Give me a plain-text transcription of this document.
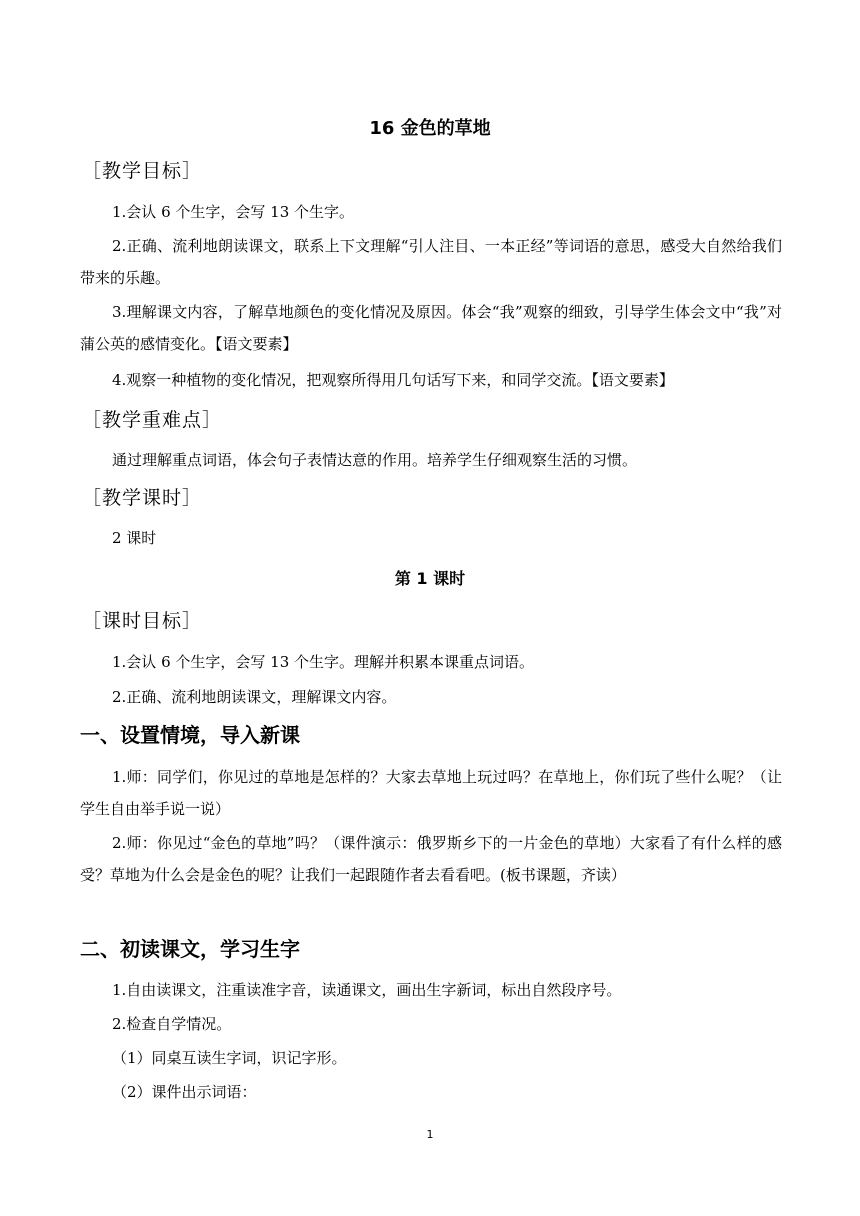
16 金色的草地
［教学目标］
1.会认 6 个生字，会写 13 个生字。
2.正确、流利地朗读课文，联系上下文理解“引人注目、一本正经”等词语的意思，感受大自然给我们带来的乐趣。
3.理解课文内容，了解草地颜色的变化情况及原因。体会“我”观察的细致，引导学生体会文中“我”对蒲公英的感情变化。【语文要素】
4.观察一种植物的变化情况，把观察所得用几句话写下来，和同学交流。【语文要素】
［教学重难点］
通过理解重点词语，体会句子表情达意的作用。培养学生仔细观察生活的习惯。
［教学课时］
2 课时
第 1 课时
［课时目标］
1.会认 6 个生字，会写 13 个生字。理解并积累本课重点词语。
2.正确、流利地朗读课文，理解课文内容。
一、设置情境，导入新课
1.师：同学们，你见过的草地是怎样的？大家去草地上玩过吗？在草地上，你们玩了些什么呢？（让学生自由举手说一说）
2.师：你见过“金色的草地”吗？（课件演示：俄罗斯乡下的一片金色的草地）大家看了有什么样的感受？草地为什么会是金色的呢？让我们一起跟随作者去看看吧。(板书课题，齐读）
二、初读课文，学习生字
1.自由读课文，注重读准字音，读通课文，画出生字新词，标出自然段序号。
2.检查自学情况。
（1）同桌互读生字词，识记字形。
（2）课件出示词语：
1
